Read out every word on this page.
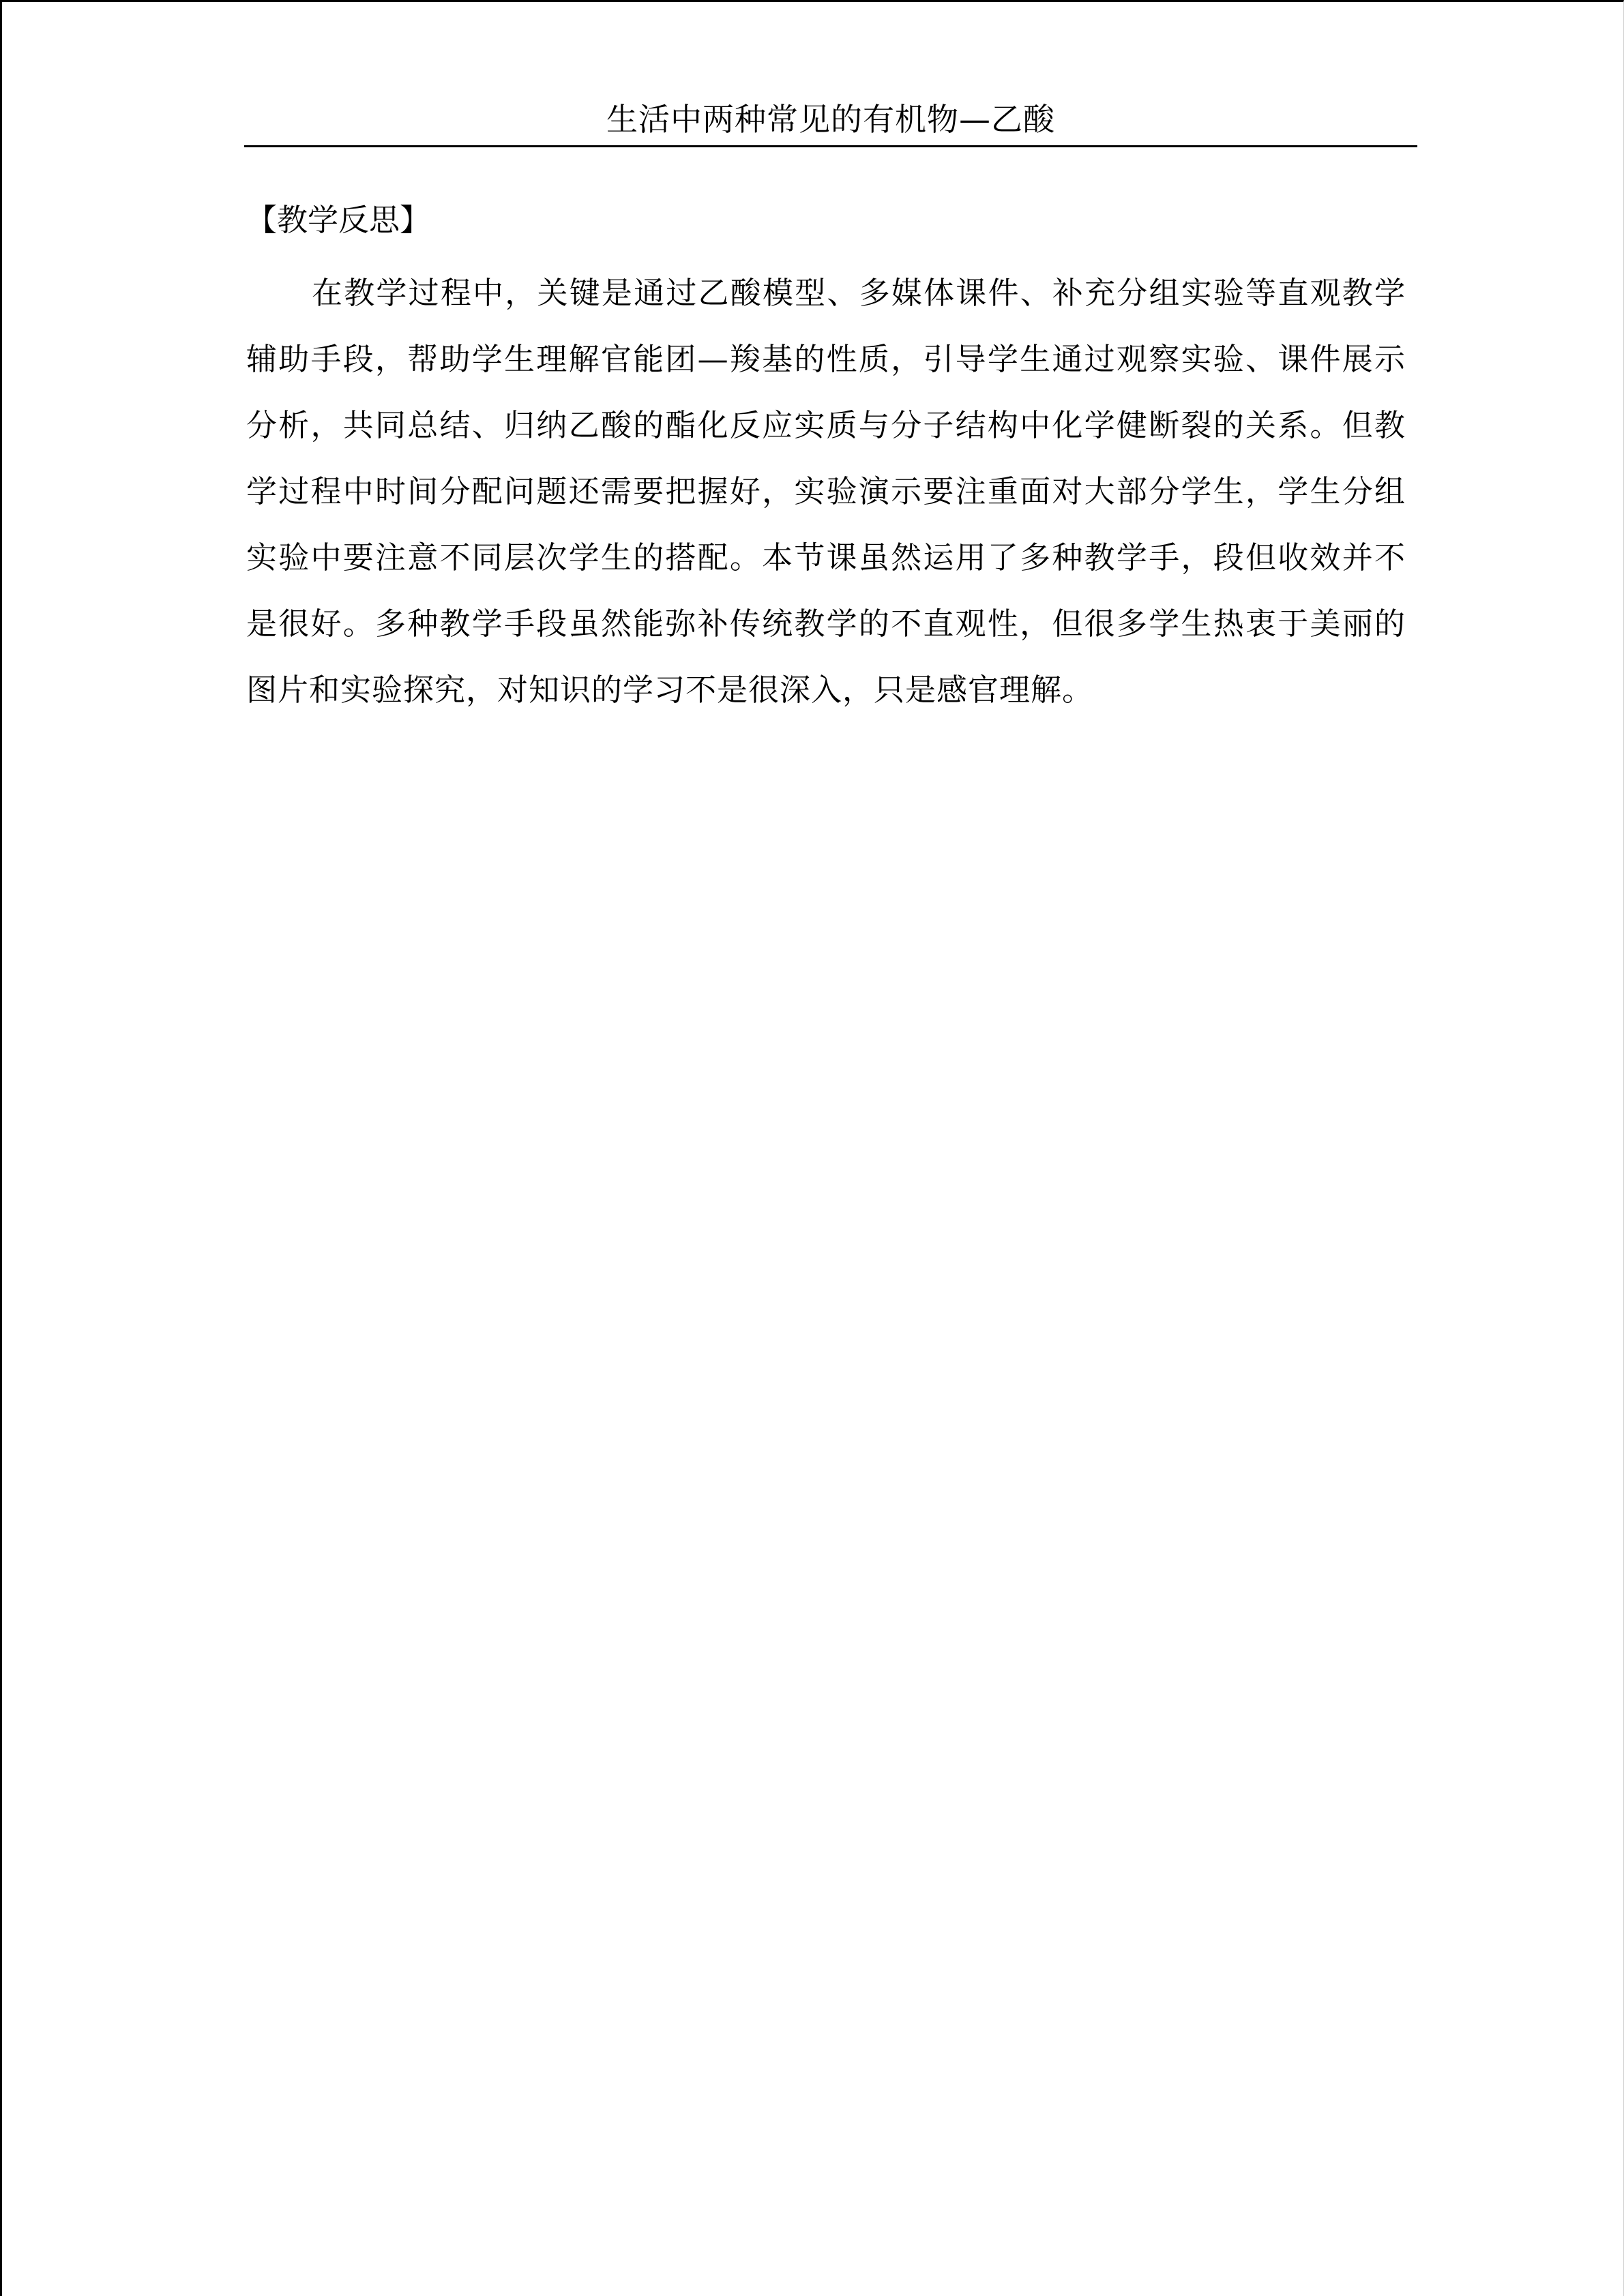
生活中两种常见的有机物—乙酸
【教学反思】

在教学过程中，关键是通过乙酸模型、多媒体课件、补充分组实验等直观教学辅助手段，帮助学生理解官能团—羧基的性质，引导学生通过观察实验、课件展示分析，共同总结、归纳乙酸的酯化反应实质与分子结构中化学健断裂的关系。但教学过程中时间分配问题还需要把握好，实验演示要注重面对大部分学生，学生分组实验中要注意不同层次学生的搭配。本节课虽然运用了多种教学手，段但收效并不是很好。多种教学手段虽然能弥补传统教学的不直观性，但很多学生热衷于美丽的图片和实验探究，对知识的学习不是很深入，只是感官理解。
